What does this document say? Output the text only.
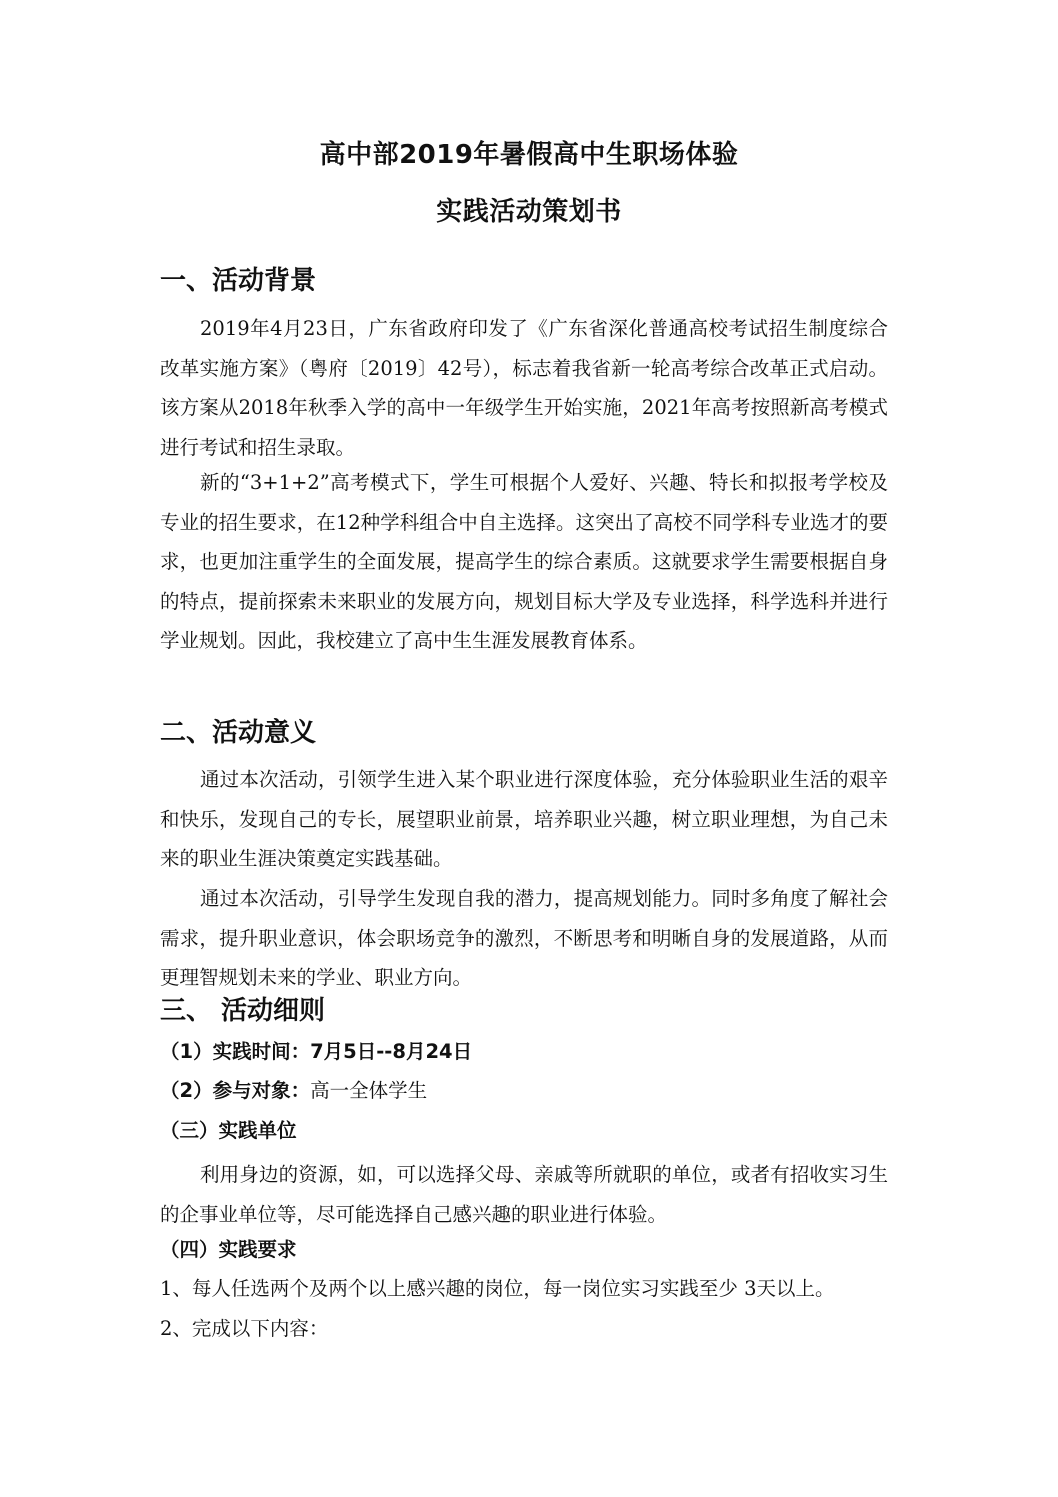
高中部2019年暑假高中生职场体验
实践活动策划书
一、活动背景

2019年4月23日，广东省政府印发了《广东省深化普通高校考试招生制度综合改革实施方案》（粤府〔2019〕42号），标志着我省新一轮高考综合改革正式启动。该方案从2018年秋季入学的高中一年级学生开始实施，2021年高考按照新高考模式进行考试和招生录取。

新的“3+1+2”高考模式下，学生可根据个人爱好、兴趣、特长和拟报考学校及专业的招生要求，在12种学科组合中自主选择。这突出了高校不同学科专业选才的要求，也更加注重学生的全面发展，提高学生的综合素质。这就要求学生需要根据自身的特点，提前探索未来职业的发展方向，规划目标大学及专业选择，科学选科并进行学业规划。因此，我校建立了高中生生涯发展教育体系。

二、活动意义

通过本次活动，引领学生进入某个职业进行深度体验，充分体验职业生活的艰辛和快乐，发现自己的专长，展望职业前景，培养职业兴趣，树立职业理想，为自己未来的职业生涯决策奠定实践基础。

通过本次活动，引导学生发现自我的潜力，提高规划能力。同时多角度了解社会需求，提升职业意识，体会职场竞争的激烈，不断思考和明晰自身的发展道路，从而更理智规划未来的学业、职业方向。

三、 活动细则
（1）实践时间：7月5日--8月24日
（2）参与对象：高一全体学生
（三）实践单位

利用身边的资源，如，可以选择父母、亲戚等所就职的单位，或者有招收实习生的企事业单位等，尽可能选择自己感兴趣的职业进行体验。

（四）实践要求
1、每人任选两个及两个以上感兴趣的岗位，每一岗位实习实践至少 3天以上。
2、完成以下内容：
